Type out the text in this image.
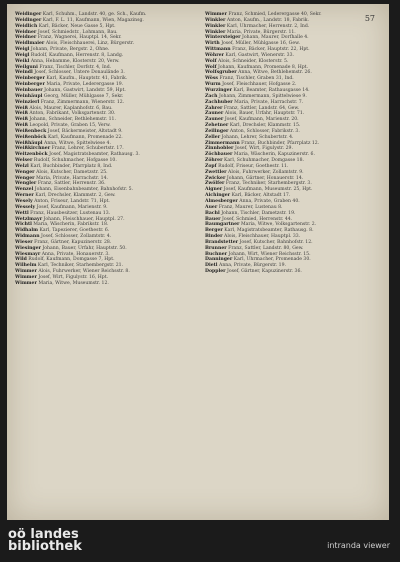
57
Weidinger Karl, Schuhm., Landstr. 40, ge. Sch., Kaufm.
Weidinger Karl, F. L. 11, Kaufmann, Wien, Magazinsg.
Weidlich Karl, Bäcker, Neue Gasse 5, Hpt.
Weidner Josef, Schmiedstr., Lohmann, Bau.
Weidner Franz, Wagnerei, Hauptpl. 14, Sekr.
Weidlmaier Alois, Fleischhauerei, Linz, Bürgerstr.
Weigl Johann, Private, Bergstr. 2, Ohne.
Weigl Rudolf, Kaufmann, Herrenstr. 8, Landg.
Weikl Anna, Hebamme, Klosterstr. 20, Verw.
Weilguni Franz, Tischler, Dorfstr. 4, Ind.
Weindl Josef, Schlosser, Untere Donaulände 3.
Weinberger Karl, Kaufm., Hauptstr. 41, Fabrik.
Weinberger Maria, Private, Lederergasse 19.
Weinbauer Johann, Gastwirt, Landstr. 59, Hpt.
Weinhäupl Georg, Müller, Mühlgasse 7, Sekr.
Weinzierl Franz, Zimmermann, Wienerstr. 12.
Weiß Alois, Maurer, Kaplanhofstr. 6, Bau.
Weiß Anton, Fabrikant, Volksgartenstr. 30.
Weiß Johann, Schneider, Bethlehemstr. 11.
Weiß Leopold, Private, Graben 15, Verw.
Weißenbeck Josef, Bäckermeister, Altstadt 9.
Weißenböck Karl, Kaufmann, Promenade 22.
Weißhäupl Anna, Witwe, Spittelwiese 4.
Weißkirchner Franz, Lehrer, Schubertstr. 17.
Weitzenböck Josef, Magistratsbeamter, Rathausg. 3.
Welser Rudolf, Schuhmacher, Hofgasse 10.
Welzl Karl, Buchbinder, Pfarrplatz 8, Ind.
Wenger Alois, Kutscher, Dametzstr. 25.
Wenger Maria, Private, Harrachstr. 14.
Wengler Franz, Sattler, Herrenstr. 36.
Wenzel Johann, Eisenbahnbeamter, Bahnhofstr. 5.
Werner Karl, Drechsler, Klammstr. 2, Gew.
Wesely Anton, Friseur, Landstr. 71, Hpt.
Wessely Josef, Kaufmann, Marienstr. 9.
Wettl Franz, Hausbesitzer, Lustenau 13.
Wetzlmayr Johann, Fleischhauer, Hauptpl. 27.
Wichtl Maria, Wäscherin, Fabrikstr. 18.
Widhalm Karl, Tapezierer, Goethestr. 6.
Widmann Josef, Schlosser, Zollamtstr. 4.
Wieser Franz, Gärtner, Kapuzinerstr. 28.
Wiesinger Johann, Bauer, Urfahr, Hauptstr. 50.
Wiesmayr Anna, Private, Honauerstr. 3.
Wild Rudolf, Kaufmann, Domgasse 7, Hpt.
Wilhelm Karl, Techniker, Starhembergstr. 21.
Wimmer Alois, Fuhrwerker, Wiener Reichsstr. 8.
Wimmer Josef, Wirt, Figulystr. 16, Hpt.
Wimmer Maria, Witwe, Museumstr. 12.
Wimmer Franz, Schmied, Lederergasse 40, Sekr.
Winkler Anton, Kaufm., Landstr. 18, Fabrik.
Winkler Karl, Uhrmacher, Herrenstr. 2, Ind.
Winkler Maria, Private, Bürgerstr. 11.
Wintersteiger Johann, Maurer, Dorfhalle 4.
Wirth Josef, Müller, Mühlgasse 16, Gew.
Wittmann Franz, Bäcker, Hauptstr. 22, Hpt.
Wöhrer Karl, Gastwirt, Wienerstr. 33.
Wolf Alois, Schneider, Klosterstr. 5.
Wolf Johann, Kaufmann, Promenade 8, Hpt.
Wolfsgruber Anna, Witwe, Bethlehemstr. 26.
Wöss Franz, Tischler, Graben 31, Ind.
Wurm Josef, Fleischhauer, Hofgasse 2.
Wurzinger Karl, Beamter, Rathausgasse 14.
Zach Johann, Zimmermann, Spittelwiese 9.
Zachhuber Maria, Private, Harrachstr. 7.
Zahrer Franz, Sattler, Landstr. 64, Gew.
Zauner Alois, Bauer, Urfahr, Hauptstr. 71.
Zauner Josef, Kaufmann, Marienstr. 20.
Zehetner Karl, Drechsler, Klammstr. 15.
Zeilinger Anton, Schlosser, Fabrikstr. 3.
Zeller Johann, Lehrer, Schubertstr. 4.
Zimmermann Franz, Buchbinder, Pfarrplatz 12.
Zinnhobler Josef, Wirt, Figulystr. 29.
Zöchbauer Maria, Wäscherin, Kapuzinerstr. 6.
Zöhrer Karl, Schuhmacher, Domgasse 18.
Zopf Rudolf, Friseur, Goethestr. 11.
Zwettler Alois, Fuhrwerker, Zollamtstr. 9.
Zwicker Johann, Gärtner, Honauerstr. 14.
Zwölfer Franz, Techniker, Starhembergstr. 3.
Aigner Josef, Kaufmann, Museumstr. 25, Hpt.
Aichinger Karl, Bäcker, Altstadt 17.
Almesberger Anna, Private, Graben 40.
Auer Franz, Maurer, Lustenau 8.
Bachl Johann, Tischler, Dametzstr. 19.
Bauer Josef, Schmied, Herrenstr. 44.
Baumgartner Maria, Witwe, Volksgartenstr. 2.
Berger Karl, Magistratsbeamter, Rathausg. 8.
Binder Alois, Fleischhauer, Hauptpl. 33.
Brandstetter Josef, Kutscher, Bahnhofstr. 12.
Brunner Franz, Sattler, Landstr. 80, Gew.
Buchner Johann, Wirt, Wiener Reichsstr. 15.
Danninger Karl, Uhrmacher, Promenade 30.
Dietl Anna, Private, Bürgerstr. 19.
Doppler Josef, Gärtner, Kapuzinerstr. 36.
oö landes
bibliothek	intranda viewer
